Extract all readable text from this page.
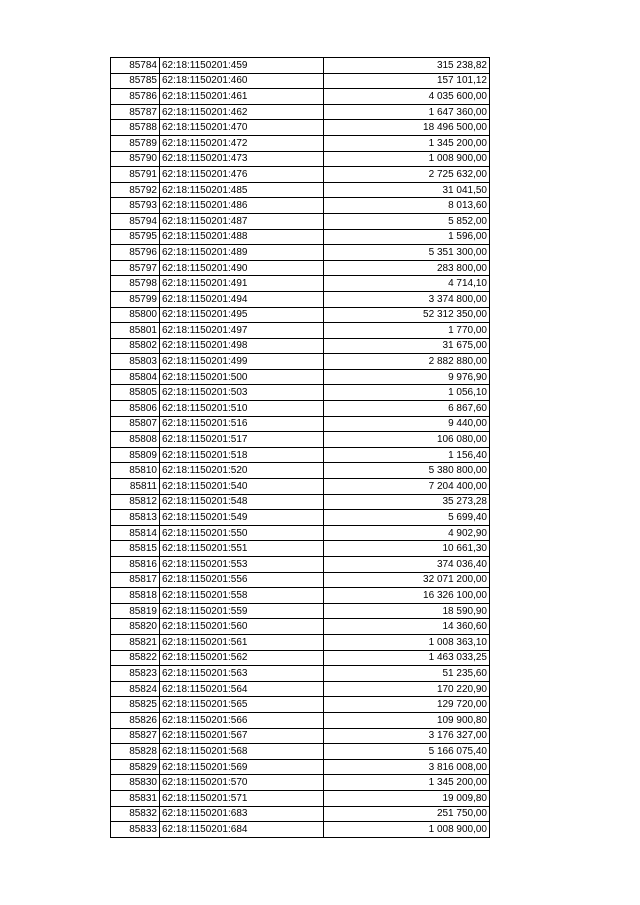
85784	62:18:1150201:459	315 238,82
85785	62:18:1150201:460	157 101,12
85786	62:18:1150201:461	4 035 600,00
85787	62:18:1150201:462	1 647 360,00
85788	62:18:1150201:470	18 496 500,00
85789	62:18:1150201:472	1 345 200,00
85790	62:18:1150201:473	1 008 900,00
85791	62:18:1150201:476	2 725 632,00
85792	62:18:1150201:485	31 041,50
85793	62:18:1150201:486	8 013,60
85794	62:18:1150201:487	5 852,00
85795	62:18:1150201:488	1 596,00
85796	62:18:1150201:489	5 351 300,00
85797	62:18:1150201:490	283 800,00
85798	62:18:1150201:491	4 714,10
85799	62:18:1150201:494	3 374 800,00
85800	62:18:1150201:495	52 312 350,00
85801	62:18:1150201:497	1 770,00
85802	62:18:1150201:498	31 675,00
85803	62:18:1150201:499	2 882 880,00
85804	62:18:1150201:500	9 976,90
85805	62:18:1150201:503	1 056,10
85806	62:18:1150201:510	6 867,60
85807	62:18:1150201:516	9 440,00
85808	62:18:1150201:517	106 080,00
85809	62:18:1150201:518	1 156,40
85810	62:18:1150201:520	5 380 800,00
85811	62:18:1150201:540	7 204 400,00
85812	62:18:1150201:548	35 273,28
85813	62:18:1150201:549	5 699,40
85814	62:18:1150201:550	4 902,90
85815	62:18:1150201:551	10 661,30
85816	62:18:1150201:553	374 036,40
85817	62:18:1150201:556	32 071 200,00
85818	62:18:1150201:558	16 326 100,00
85819	62:18:1150201:559	18 590,90
85820	62:18:1150201:560	14 360,60
85821	62:18:1150201:561	1 008 363,10
85822	62:18:1150201:562	1 463 033,25
85823	62:18:1150201:563	51 235,60
85824	62:18:1150201:564	170 220,90
85825	62:18:1150201:565	129 720,00
85826	62:18:1150201:566	109 900,80
85827	62:18:1150201:567	3 176 327,00
85828	62:18:1150201:568	5 166 075,40
85829	62:18:1150201:569	3 816 008,00
85830	62:18:1150201:570	1 345 200,00
85831	62:18:1150201:571	19 009,80
85832	62:18:1150201:683	251 750,00
85833	62:18:1150201:684	1 008 900,00
